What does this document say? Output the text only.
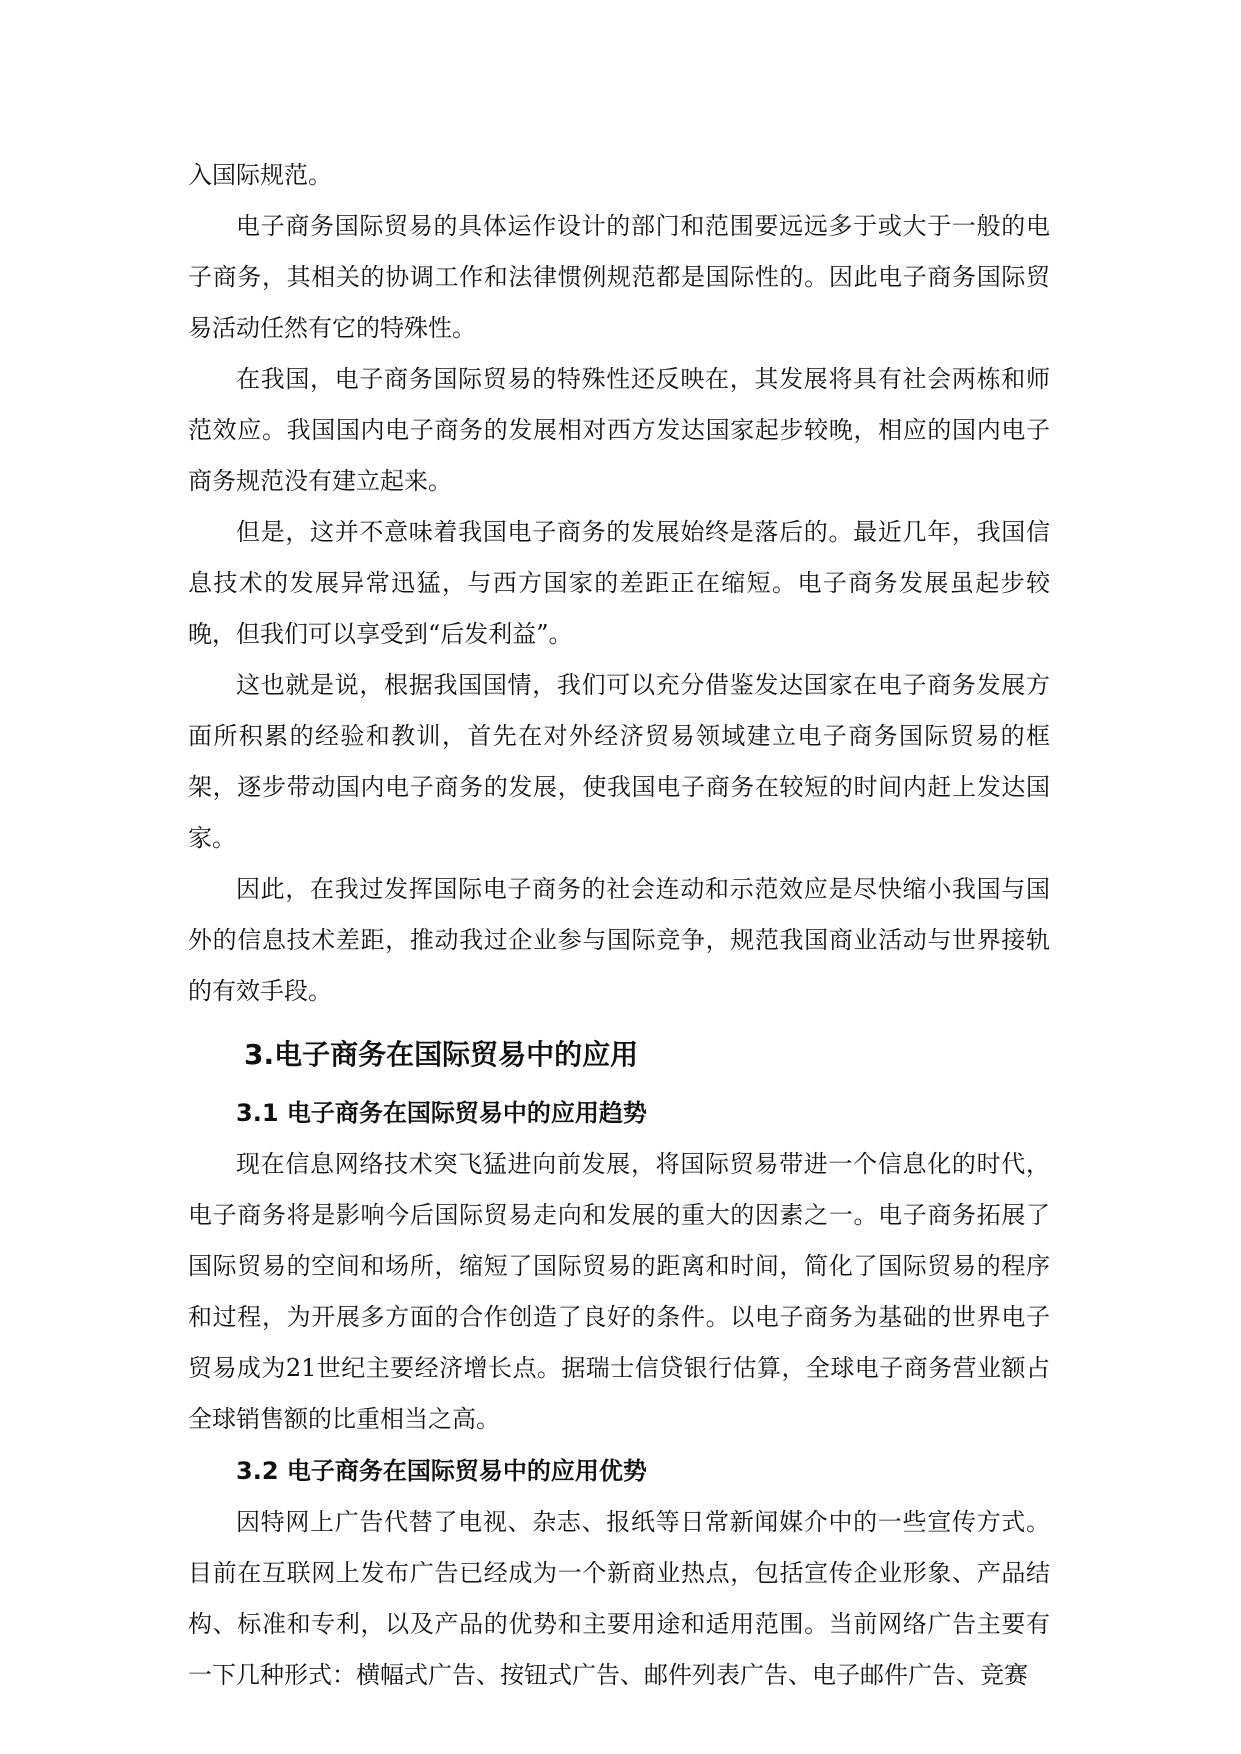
入国际规范。

电子商务国际贸易的具体运作设计的部门和范围要远远多于或大于一般的电子商务，其相关的协调工作和法律惯例规范都是国际性的。因此电子商务国际贸易活动任然有它的特殊性。

在我国，电子商务国际贸易的特殊性还反映在，其发展将具有社会两栋和师范效应。我国国内电子商务的发展相对西方发达国家起步较晚，相应的国内电子商务规范没有建立起来。

但是，这并不意味着我国电子商务的发展始终是落后的。最近几年，我国信息技术的发展异常迅猛，与西方国家的差距正在缩短。电子商务发展虽起步较晚，但我们可以享受到“后发利益”。

这也就是说，根据我国国情，我们可以充分借鉴发达国家在电子商务发展方面所积累的经验和教训，首先在对外经济贸易领域建立电子商务国际贸易的框架，逐步带动国内电子商务的发展，使我国电子商务在较短的时间内赶上发达国家。

因此，在我过发挥国际电子商务的社会连动和示范效应是尽快缩小我国与国外的信息技术差距，推动我过企业参与国际竞争，规范我国商业活动与世界接轨的有效手段。

3.电子商务在国际贸易中的应用
3.1 电子商务在国际贸易中的应用趋势

现在信息网络技术突飞猛进向前发展，将国际贸易带进一个信息化的时代，电子商务将是影响今后国际贸易走向和发展的重大的因素之一。电子商务拓展了国际贸易的空间和场所，缩短了国际贸易的距离和时间，简化了国际贸易的程序和过程，为开展多方面的合作创造了良好的条件。以电子商务为基础的世界电子贸易成为21世纪主要经济增长点。据瑞士信贷银行估算，全球电子商务营业额占全球销售额的比重相当之高。

3.2 电子商务在国际贸易中的应用优势

因特网上广告代替了电视、杂志、报纸等日常新闻媒介中的一些宣传方式。目前在互联网上发布广告已经成为一个新商业热点，包括宣传企业形象、产品结构、标准和专利，以及产品的优势和主要用途和适用范围。当前网络广告主要有一下几种形式：横幅式广告、按钮式广告、邮件列表广告、电子邮件广告、竞赛
